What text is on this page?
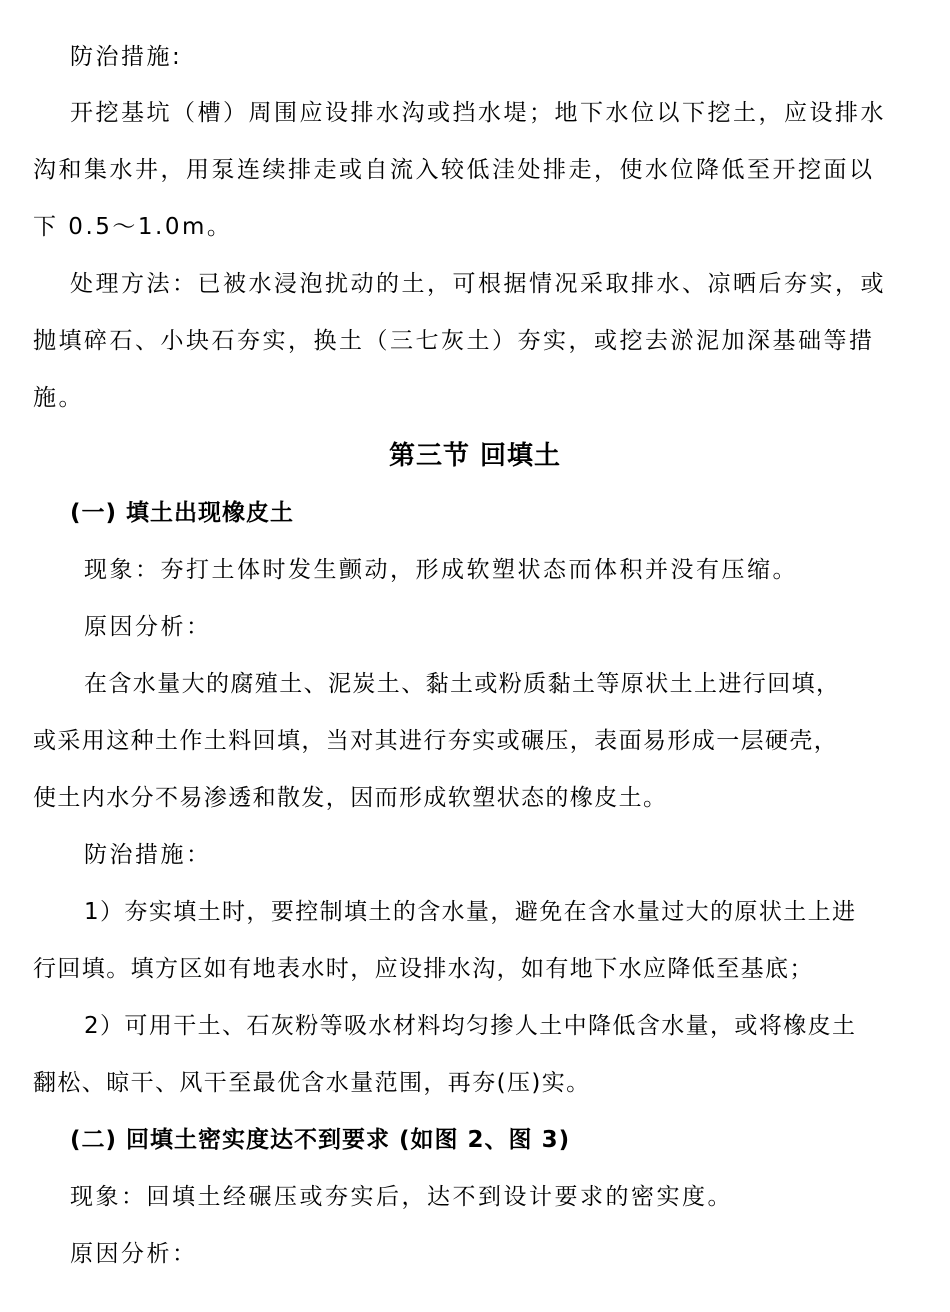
防治措施:
开挖基坑（槽）周围应设排水沟或挡水堤；地下水位以下挖土，应设排水
沟和集水井，用泵连续排走或自流入较低洼处排走，使水位降低至开挖面以
下 0.5～1.0m。
处理方法：已被水浸泡扰动的土，可根据情况采取排水、凉晒后夯实，或
抛填碎石、小块石夯实，换土（三七灰土）夯实，或挖去淤泥加深基础等措
施。
第三节 回填土
(一) 填土出现橡皮土
现象：夯打土体时发生颤动，形成软塑状态而体积并没有压缩。
原因分析：
在含水量大的腐殖土、泥炭土、黏土或粉质黏土等原状土上进行回填，
或采用这种土作土料回填，当对其进行夯实或碾压，表面易形成一层硬壳，
使土内水分不易渗透和散发，因而形成软塑状态的橡皮土。
防治措施：
1）夯实填土时，要控制填土的含水量，避免在含水量过大的原状土上进
行回填。填方区如有地表水时，应设排水沟，如有地下水应降低至基底；
2）可用干土、石灰粉等吸水材料均匀掺人土中降低含水量，或将橡皮土
翻松、晾干、风干至最优含水量范围，再夯(压)实。
(二) 回填土密实度达不到要求 (如图 2、图 3)
现象：回填土经碾压或夯实后，达不到设计要求的密实度。
原因分析：
